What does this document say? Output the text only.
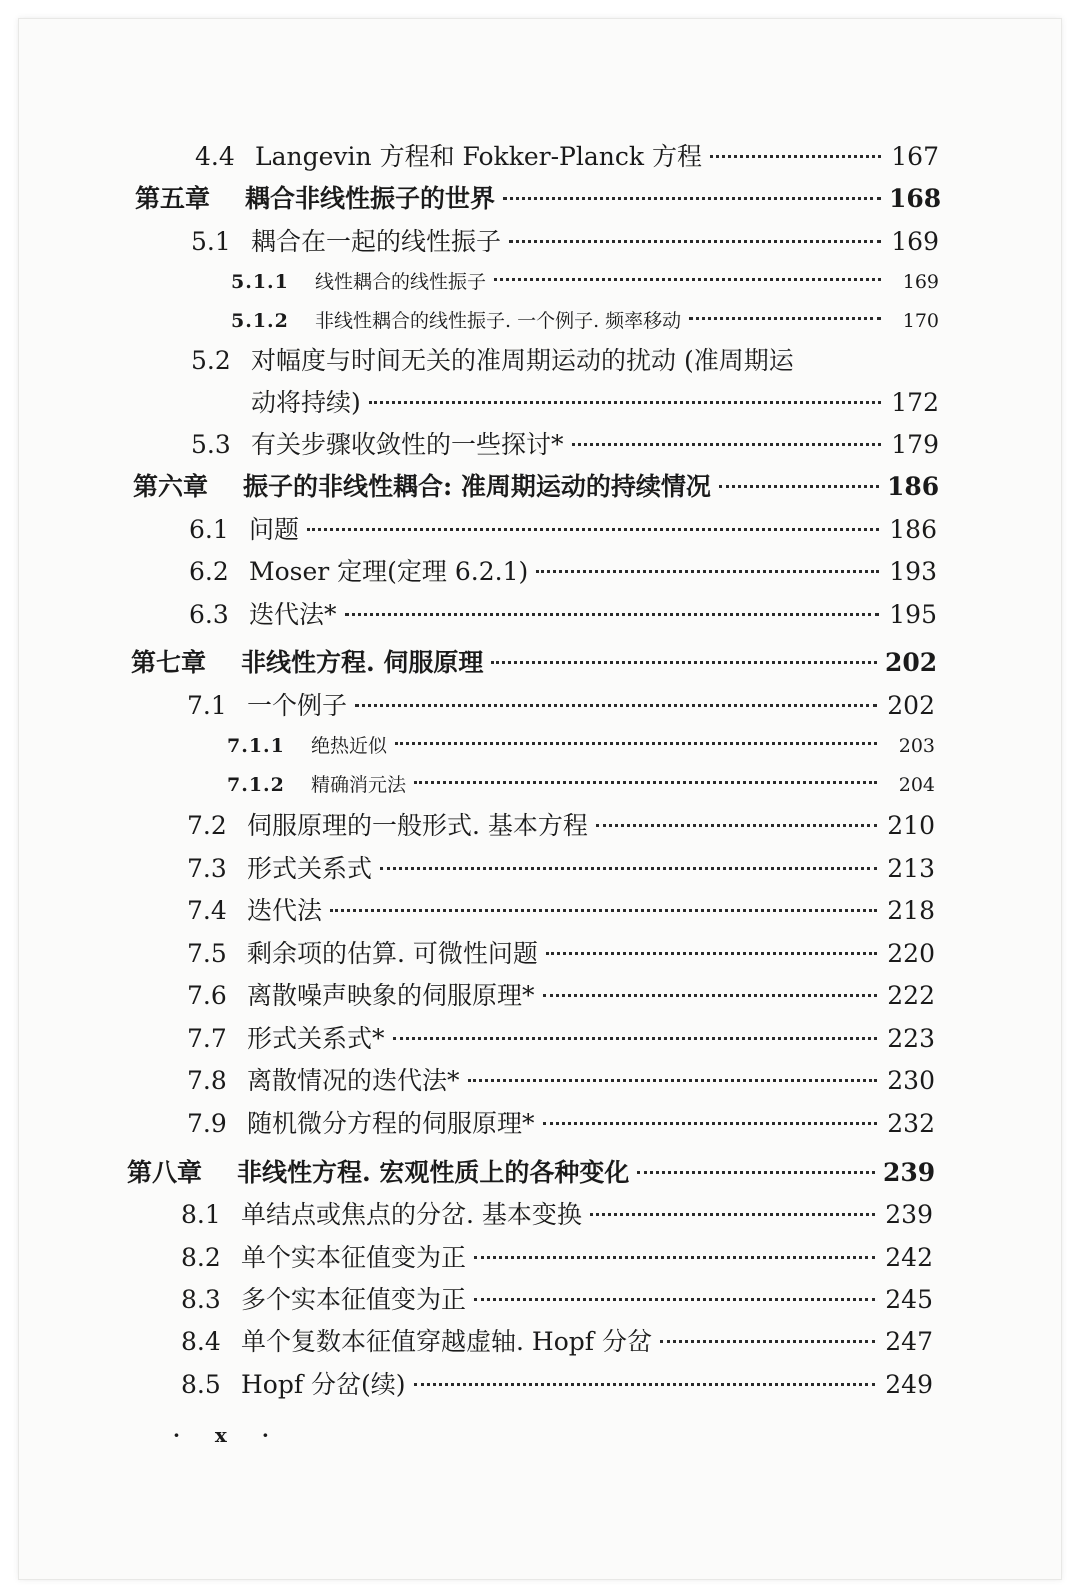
4.4 Langevin 方程和 Fokker-Planck 方程	167
第五章	耦合非线性振子的世界	168
5.1 耦合在一起的线性振子	169
5.1.1	线性耦合的线性振子	169
5.1.2	非线性耦合的线性振子. 一个例子. 频率移动	170
5.2 对幅度与时间无关的准周期运动的扰动 (准周期运
动将持续)	172
5.3 有关步骤收敛性的一些探讨*	179
第六章	振子的非线性耦合: 准周期运动的持续情况	186
6.1 问题	186
6.2 Moser 定理(定理 6.2.1)	193
6.3 迭代法*	195
第七章	非线性方程. 伺服原理	202
7.1 一个例子	202
7.1.1	绝热近似	203
7.1.2	精确消元法	204
7.2 伺服原理的一般形式. 基本方程	210
7.3 形式关系式	213
7.4 迭代法	218
7.5 剩余项的估算. 可微性问题	220
7.6 离散噪声映象的伺服原理*	222
7.7 形式关系式*	223
7.8 离散情况的迭代法*	230
7.9 随机微分方程的伺服原理*	232
第八章	非线性方程. 宏观性质上的各种变化	239
8.1 单结点或焦点的分岔. 基本变换	239
8.2 单个实本征值变为正	242
8.3 多个实本征值变为正	245
8.4 单个复数本征值穿越虚轴. Hopf 分岔	247
8.5 Hopf 分岔(续)	249
· x ·
